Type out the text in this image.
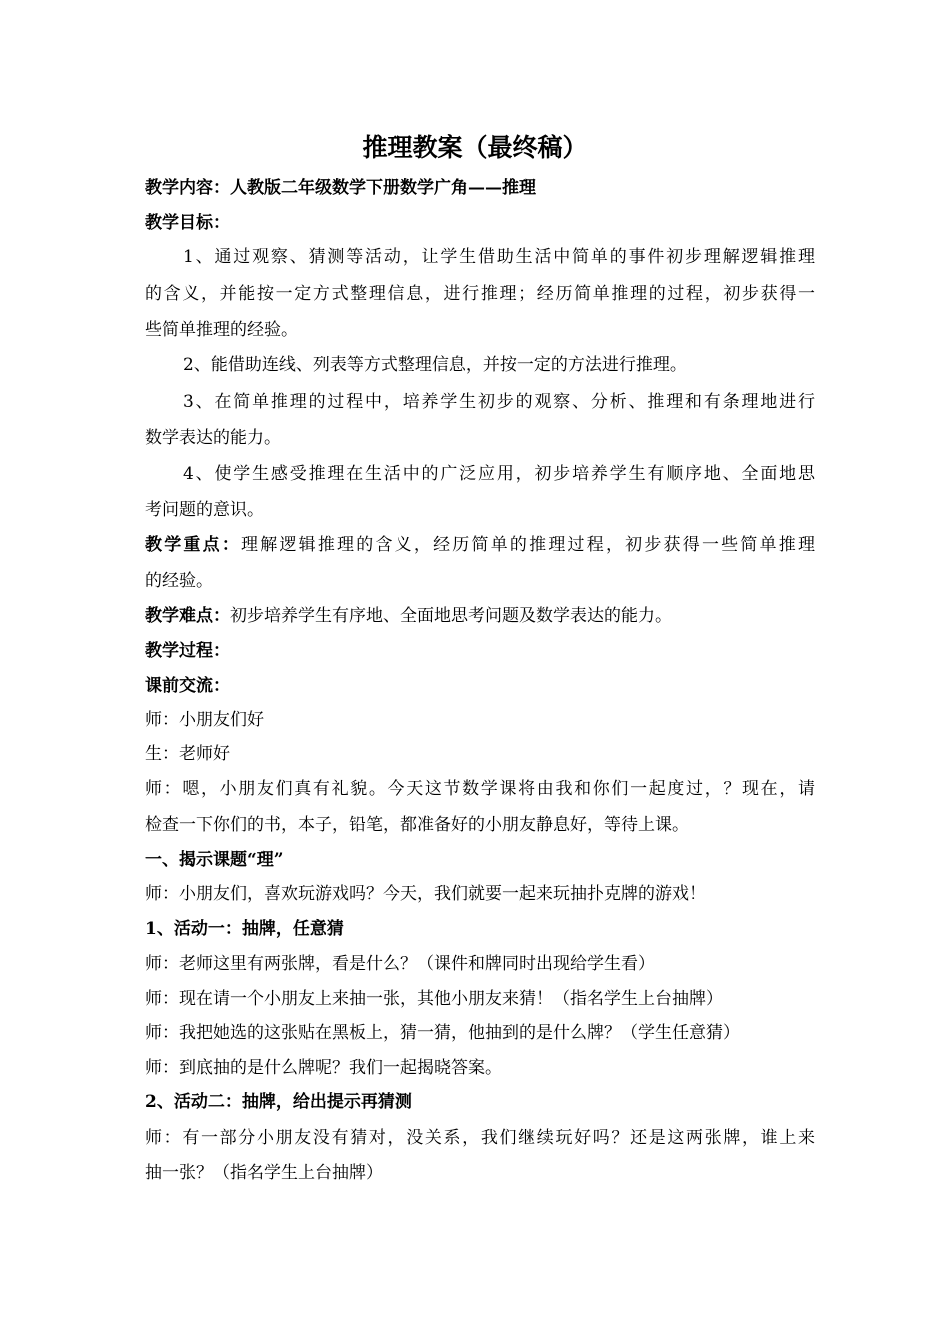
推理教案（最终稿）
教学内容：人教版二年级数学下册数学广角——推理
教学目标：
1、通过观察、猜测等活动，让学生借助生活中简单的事件初步理解逻辑推理
的含义，并能按一定方式整理信息，进行推理；经历简单推理的过程，初步获得一
些简单推理的经验。
2、能借助连线、列表等方式整理信息，并按一定的方法进行推理。
3、在简单推理的过程中，培养学生初步的观察、分析、推理和有条理地进行
数学表达的能力。
4、使学生感受推理在生活中的广泛应用，初步培养学生有顺序地、全面地思
考问题的意识。
教学重点：理解逻辑推理的含义，经历简单的推理过程，初步获得一些简单推理
的经验。
教学难点：初步培养学生有序地、全面地思考问题及数学表达的能力。
教学过程：
课前交流：
师：小朋友们好
生：老师好
师：嗯，小朋友们真有礼貌。今天这节数学课将由我和你们一起度过，？现在，请
检查一下你们的书，本子，铅笔，都准备好的小朋友静息好，等待上课。
一、揭示课题“理”
师：小朋友们，喜欢玩游戏吗？今天，我们就要一起来玩抽扑克牌的游戏！
1、活动一：抽牌，任意猜
师：老师这里有两张牌，看是什么？（课件和牌同时出现给学生看）
师：现在请一个小朋友上来抽一张，其他小朋友来猜！（指名学生上台抽牌）
师：我把她选的这张贴在黑板上，猜一猜，他抽到的是什么牌？（学生任意猜）
师：到底抽的是什么牌呢？我们一起揭晓答案。
2、活动二：抽牌，给出提示再猜测
师：有一部分小朋友没有猜对，没关系，我们继续玩好吗？还是这两张牌，谁上来
抽一张？（指名学生上台抽牌）
